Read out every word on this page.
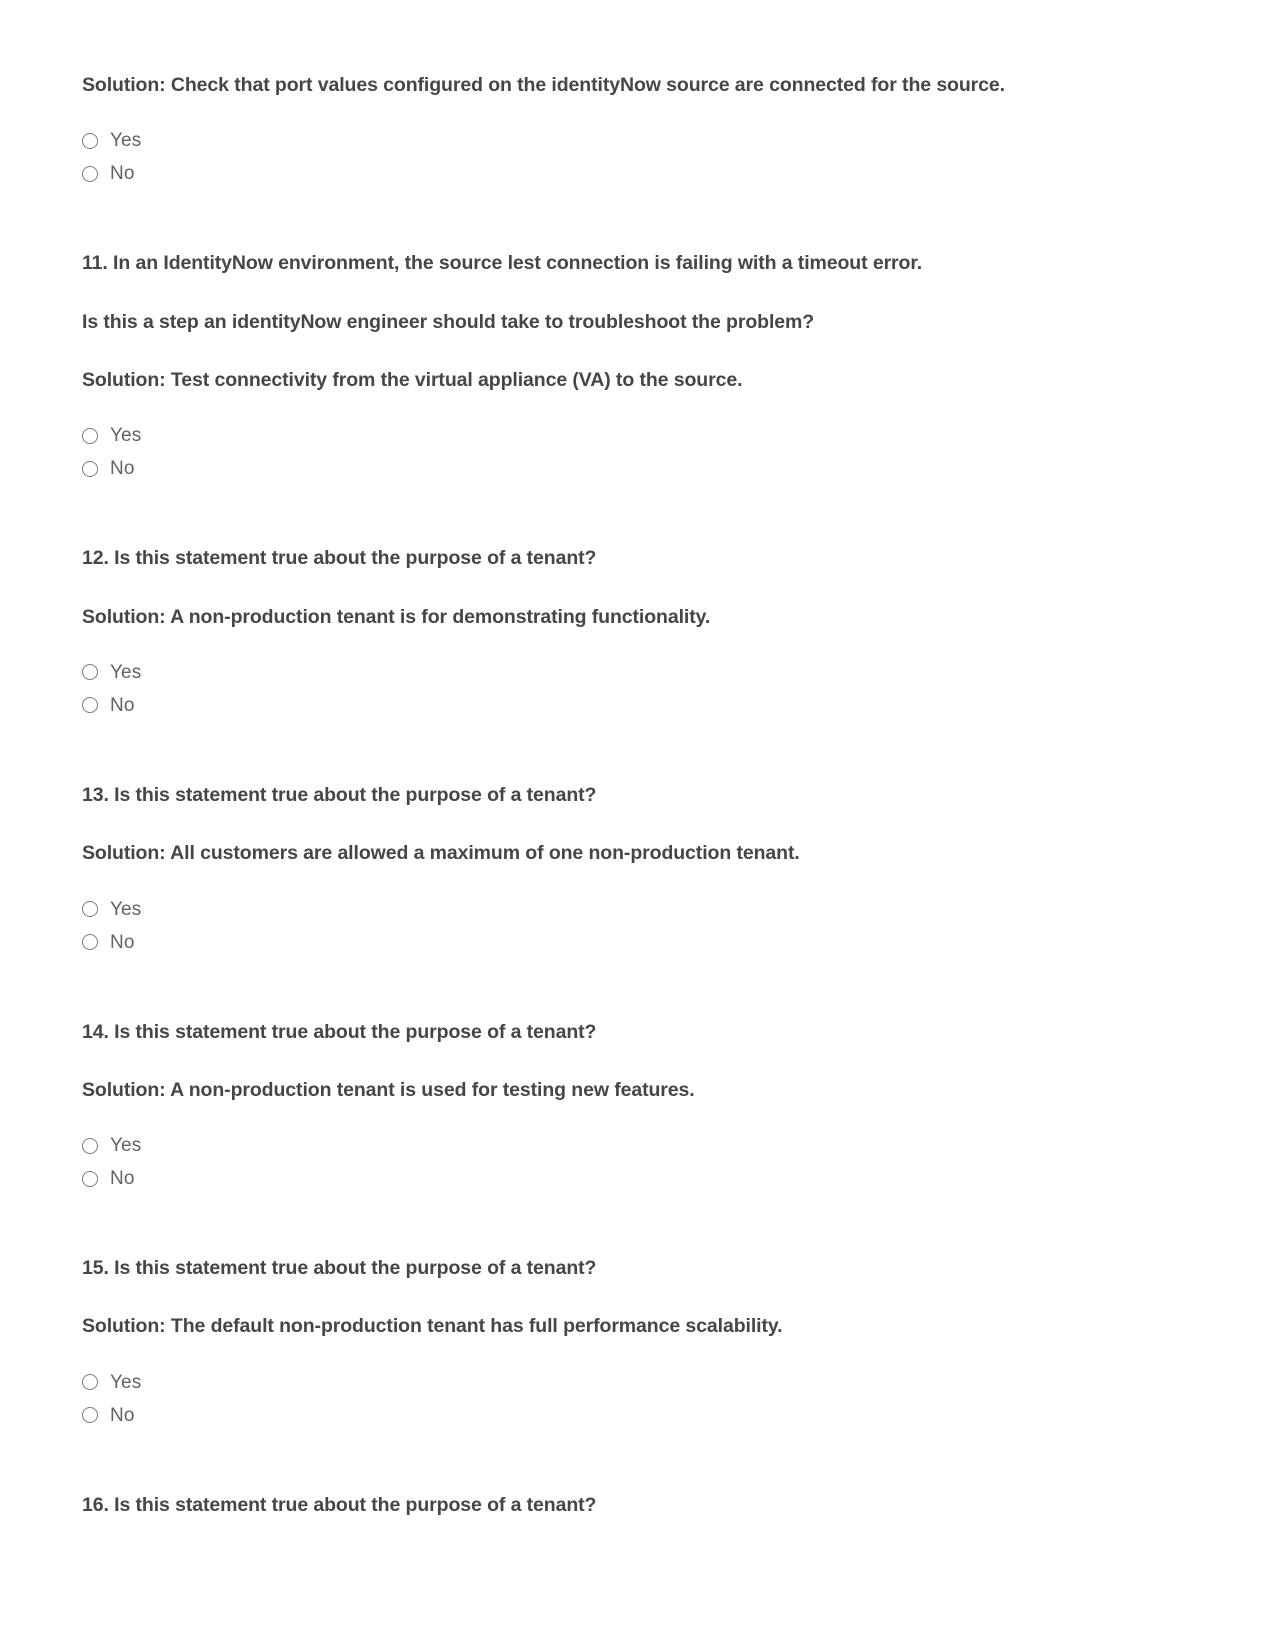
Solution: Check that port values configured on the identityNow source are connected for the source.

Yes
No

11. In an IdentityNow environment, the source lest connection is failing with a timeout error.

Is this a step an identityNow engineer should take to troubleshoot the problem?

Solution: Test connectivity from the virtual appliance (VA) to the source.

Yes
No

12. Is this statement true about the purpose of a tenant?

Solution: A non-production tenant is for demonstrating functionality.

Yes
No

13. Is this statement true about the purpose of a tenant?

Solution: All customers are allowed a maximum of one non-production tenant.

Yes
No

14. Is this statement true about the purpose of a tenant?

Solution: A non-production tenant is used for testing new features.

Yes
No

15. Is this statement true about the purpose of a tenant?

Solution: The default non-production tenant has full performance scalability.

Yes
No

16. Is this statement true about the purpose of a tenant?
